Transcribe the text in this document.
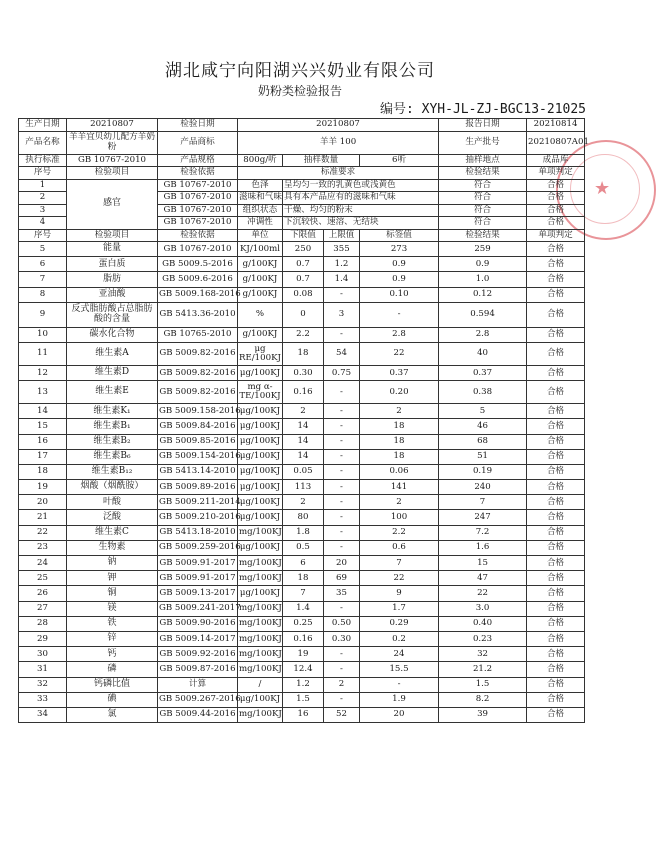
湖北咸宁向阳湖兴兴奶业有限公司
奶粉类检验报告
编号: XYH-JL-ZJ-BGC13-21025
★
生产日期	20210807	检验日期	20210807				报告日期	20210814
产品名称	羊羊宜贝幼儿配方羊奶粉	产品商标	羊羊 100				生产批号	20210807A01
执行标准	GB 10767-2010	产品规格	800g/听	抽样数量		6听	抽样地点	成品库
序号	检验项目	检验依据	标准要求				检验结果	单项判定
1	感官	GB 10767-2010	色泽	呈均匀一致的乳黄色或浅黄色			符合	合格
2		GB 10767-2010	滋味和气味	具有本产品应有的滋味和气味			符合	合格
3		GB 10767-2010	组织状态	干燥、均匀的粉末			符合	合格
4		GB 10767-2010	冲调性	下沉较快、速溶、无结块			符合	合格
序号	检验项目	检验依据	单位	下限值	上限值	标签值	检验结果	单项判定
5	能量	GB 10767-2010	KJ/100ml	250	355	273	259	合格
6	蛋白质	GB 5009.5-2016	g/100KJ	0.7	1.2	0.9	0.9	合格
7	脂肪	GB 5009.6-2016	g/100KJ	0.7	1.4	0.9	1.0	合格
8	亚油酸	GB 5009.168-2016	g/100KJ	0.08	-	0.10	0.12	合格
9	反式脂肪酸占总脂肪酸的含量	GB 5413.36-2010	%	0	3	-	0.594	合格
10	碳水化合物	GB 10765-2010	g/100KJ	2.2	-	2.8	2.8	合格
11	维生素A	GB 5009.82-2016	μg RE/100KJ	18	54	22	40	合格
12	维生素D	GB 5009.82-2016	μg/100KJ	0.30	0.75	0.37	0.37	合格
13	维生素E	GB 5009.82-2016	mg α-TE/100KJ	0.16	-	0.20	0.38	合格
14	维生素K₁	GB 5009.158-2016	μg/100KJ	2	-	2	5	合格
15	维生素B₁	GB 5009.84-2016	μg/100KJ	14	-	18	46	合格
16	维生素B₂	GB 5009.85-2016	μg/100KJ	14	-	18	68	合格
17	维生素B₆	GB 5009.154-2016	μg/100KJ	14	-	18	51	合格
18	维生素B₁₂	GB 5413.14-2010	μg/100KJ	0.05	-	0.06	0.19	合格
19	烟酸（烟酰胺）	GB 5009.89-2016	μg/100KJ	113	-	141	240	合格
20	叶酸	GB 5009.211-2014	μg/100KJ	2	-	2	7	合格
21	泛酸	GB 5009.210-2016	μg/100KJ	80	-	100	247	合格
22	维生素C	GB 5413.18-2010	mg/100KJ	1.8	-	2.2	7.2	合格
23	生物素	GB 5009.259-2016	μg/100KJ	0.5	-	0.6	1.6	合格
24	钠	GB 5009.91-2017	mg/100KJ	6	20	7	15	合格
25	钾	GB 5009.91-2017	mg/100KJ	18	69	22	47	合格
26	铜	GB 5009.13-2017	μg/100KJ	7	35	9	22	合格
27	镁	GB 5009.241-2017	mg/100KJ	1.4	-	1.7	3.0	合格
28	铁	GB 5009.90-2016	mg/100KJ	0.25	0.50	0.29	0.40	合格
29	锌	GB 5009.14-2017	mg/100KJ	0.16	0.30	0.2	0.23	合格
30	钙	GB 5009.92-2016	mg/100KJ	19	-	24	32	合格
31	磷	GB 5009.87-2016	mg/100KJ	12.4	-	15.5	21.2	合格
32	钙磷比值	计算	/	1.2	2	-	1.5	合格
33	碘	GB 5009.267-2016	μg/100KJ	1.5	-	1.9	8.2	合格
34	氯	GB 5009.44-2016	mg/100KJ	16	52	20	39	合格
